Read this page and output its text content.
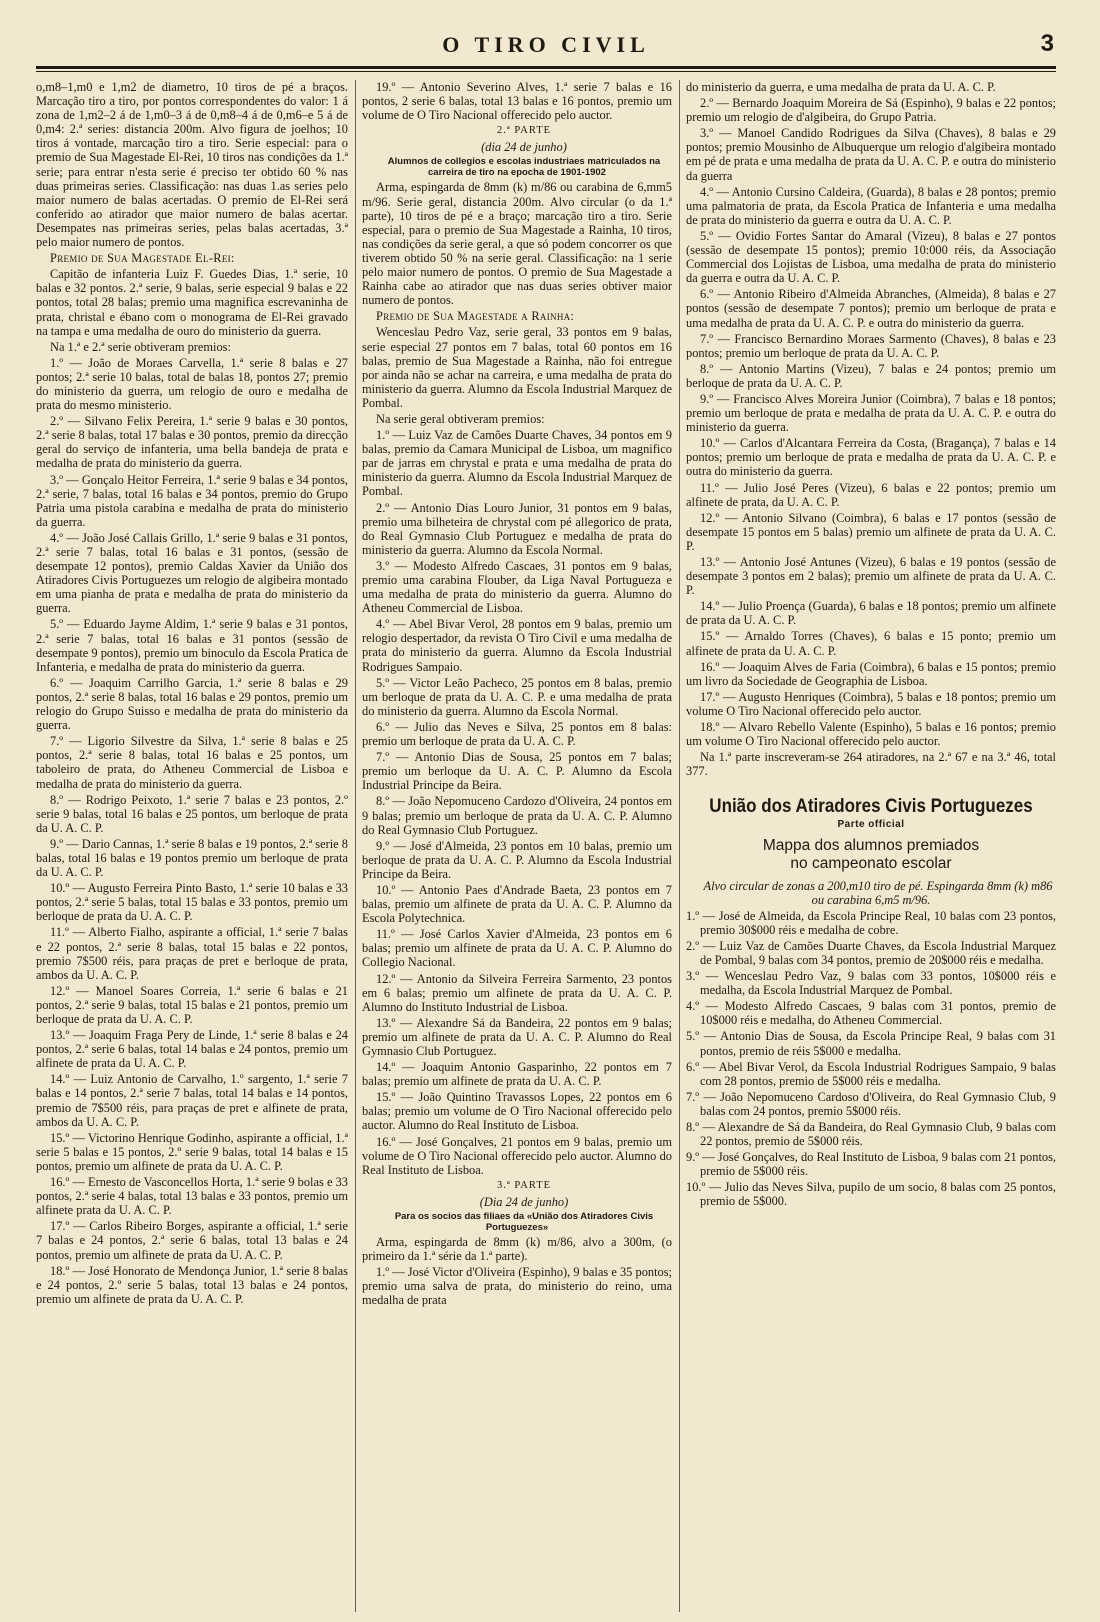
O TIRO CIVIL	3

o,m8–1,m0 e 1,m2 de diametro, 10 tiros de pé a braços. Marcação tiro a tiro, por pontos correspondentes do valor: 1 á zona de 1,m2–2 á de 1,m0–3 á de 0,m8–4 á de 0,m6–e 5 á de 0,m4: 2.ª series: distancia 200m. Alvo figura de joelhos; 10 tiros á vontade, marcação tiro a tiro. Serie especial: para o premio de Sua Magestade El-Rei, 10 tiros nas condições da 1.ª serie; para entrar n'esta serie é preciso ter obtido 60 % nas duas primeiras series. Classificação: nas duas 1.as series pelo maior numero de balas acertadas. O premio de El-Rei será conferido ao atirador que maior numero de balas acertar. Desempates nas primeiras series, pelas balas acertadas, 3.ª pelo maior numero de pontos.

Premio de Sua Magestade El-Rei:

Capitão de infanteria Luiz F. Guedes Dias, 1.ª serie, 10 balas e 32 pontos. 2.ª serie, 9 balas, serie especial 9 balas e 22 pontos, total 28 balas; premio uma magnifica escrevaninha de prata, christal e ébano com o monograma de El-Rei gravado na tampa e uma medalha de ouro do ministerio da guerra.

Na 1.ª e 2.ª serie obtiveram premios:

1.º — João de Moraes Carvella, 1.ª serie 8 balas e 27 pontos; 2.ª serie 10 balas, total de balas 18, pontos 27; premio do ministerio da guerra, um relogio de ouro e medalha de prata do mesmo ministerio.

2.º — Silvano Felix Pereira, 1.ª serie 9 balas e 30 pontos, 2.ª serie 8 balas, total 17 balas e 30 pontos, premio da direcção geral do serviço de infanteria, uma bella bandeja de prata e medalha de prata do ministerio da guerra.

3.º — Gonçalo Heitor Ferreira, 1.ª serie 9 balas e 34 pontos, 2.ª serie, 7 balas, total 16 balas e 34 pontos, premio do Grupo Patria uma pistola carabina e medalha de prata do ministerio da guerra.

4.º — João José Callais Grillo, 1.ª serie 9 balas e 31 pontos, 2.ª serie 7 balas, total 16 balas e 31 pontos, (sessão de desempate 12 pontos), premio Caldas Xavier da União dos Atiradores Civis Portuguezes um relogio de algibeira montado em uma pianha de prata e medalha de prata do ministerio da guerra.

5.º — Eduardo Jayme Aldim, 1.ª serie 9 balas e 31 pontos, 2.ª serie 7 balas, total 16 balas e 31 pontos (sessão de desempate 9 pontos), premio um binoculo da Escola Pratica de Infanteria, e medalha de prata do ministerio da guerra.

6.º — Joaquim Carrilho Garcia, 1.ª serie 8 balas e 29 pontos, 2.ª serie 8 balas, total 16 balas e 29 pontos, premio um relogio do Grupo Suisso e medalha de prata do ministerio da guerra.

7.º — Ligorio Silvestre da Silva, 1.ª serie 8 balas e 25 pontos, 2.ª serie 8 balas, total 16 balas e 25 pontos, um taboleiro de prata, do Atheneu Commercial de Lisboa e medalha de prata do ministerio da guerra.

8.º — Rodrigo Peixoto, 1.ª serie 7 balas e 23 pontos, 2.º serie 9 balas, total 16 balas e 25 pontos, um berloque de prata da U. A. C. P.

9.º — Dario Cannas, 1.ª serie 8 balas e 19 pontos, 2.ª serie 8 balas, total 16 balas e 19 pontos premio um berloque de prata da U. A. C. P.

10.º — Augusto Ferreira Pinto Basto, 1.ª serie 10 balas e 33 pontos, 2.ª serie 5 balas, total 15 balas e 33 pontos, premio um berloque de prata da U. A. C. P.

11.º — Alberto Fialho, aspirante a official, 1.ª serie 7 balas e 22 pontos, 2.ª serie 8 balas, total 15 balas e 22 pontos, premio 7$500 réis, para praças de pret e berloque de prata, ambos da U. A. C. P.

12.º — Manoel Soares Correia, 1.ª serie 6 balas e 21 pontos, 2.ª serie 9 balas, total 15 balas e 21 pontos, premio um berloque de prata da U. A. C. P.

13.º — Joaquim Fraga Pery de Linde, 1.ª serie 8 balas e 24 pontos, 2.ª serie 6 balas, total 14 balas e 24 pontos, premio um alfinete de prata da U. A. C. P.

14.º — Luiz Antonio de Carvalho, 1.º sargento, 1.ª serie 7 balas e 14 pontos, 2.ª serie 7 balas, total 14 balas e 14 pontos, premio de 7$500 réis, para praças de pret e alfinete de prata, ambos da U. A. C. P.

15.º — Victorino Henrique Godinho, aspirante a official, 1.ª serie 5 balas e 15 pontos, 2.º serie 9 balas, total 14 balas e 15 pontos, premio um alfinete de prata da U. A. C. P.

16.º — Ernesto de Vasconcellos Horta, 1.ª serie 9 bolas e 33 pontos, 2.ª serie 4 balas, total 13 balas e 33 pontos, premio um alfinete prata da U. A. C. P.

17.º — Carlos Ribeiro Borges, aspirante a official, 1.ª serie 7 balas e 24 pontos, 2.ª serie 6 balas, total 13 balas e 24 pontos, premio um alfinete de prata da U. A. C. P.

18.º — José Honorato de Mendonça Junior, 1.ª serie 8 balas e 24 pontos, 2.º serie 5 balas, total 13 balas e 24 pontos, premio um alfinete de prata da U. A. C. P.

19.º — Antonio Severino Alves, 1.ª serie 7 balas e 16 pontos, 2 serie 6 balas, total 13 balas e 16 pontos, premio um volume de O Tiro Nacional offerecido pelo auctor.

2.ª PARTE

(dia 24 de junho)

Alumnos de collegios e escolas industriaes matriculados na carreira de tiro na epocha de 1901-1902

Arma, espingarda de 8mm (k) m/86 ou carabina de 6,mm5 m/96. Serie geral, distancia 200m. Alvo circular (o da 1.ª parte), 10 tiros de pé e a braço; marcação tiro a tiro. Serie especial, para o premio de Sua Magestade a Rainha, 10 tiros, nas condições da serie geral, a que só podem concorrer os que tiverem obtido 50 % na serie geral. Classificação: na 1 serie pelo maior numero de pontos. O premio de Sua Magestade a Rainha cabe ao atirador que nas duas series obtiver maior numero de pontos.

Premio de Sua Magestade a Rainha:

Wenceslau Pedro Vaz, serie geral, 33 pontos em 9 balas, serie especial 27 pontos em 7 balas, total 60 pontos em 16 balas, premio de Sua Magestade a Rainha, não foi entregue por ainda não se achar na carreira, e uma medalha de prata do ministerio da guerra. Alumno da Escola Industrial Marquez de Pombal.

Na serie geral obtiveram premios:

1.º — Luiz Vaz de Camões Duarte Chaves, 34 pontos em 9 balas, premio da Camara Municipal de Lisboa, um magnifico par de jarras em chrystal e prata e uma medalha de prata do ministerio da guerra. Alumno da Escola Industrial Marquez de Pombal.

2.º — Antonio Dias Louro Junior, 31 pontos em 9 balas, premio uma bilheteira de chrystal com pé allegorico de prata, do Real Gymnasio Club Portuguez e medalha de prata do ministerio da guerra. Alumno da Escola Normal.

3.º — Modesto Alfredo Cascaes, 31 pontos em 9 balas, premio uma carabina Flouber, da Liga Naval Portugueza e uma medalha de prata do ministerio da guerra. Alumno do Atheneu Commercial de Lisboa.

4.º — Abel Bivar Verol, 28 pontos em 9 balas, premio um relogio despertador, da revista O Tiro Civil e uma medalha de prata do ministerio da guerra. Alumno da Escola Industrial Rodrigues Sampaio.

5.º — Victor Leão Pacheco, 25 pontos em 8 balas, premio um berloque de prata da U. A. C. P. e uma medalha de prata do ministerio da guerra. Alumno da Escola Normal.

6.º — Julio das Neves e Silva, 25 pontos em 8 balas: premio um berloque de prata da U. A. C. P.

7.º — Antonio Dias de Sousa, 25 pontos em 7 balas; premio um berloque da U. A. C. P. Alumno da Escola Industrial Principe da Beira.

8.º — João Nepomuceno Cardozo d'Oliveira, 24 pontos em 9 balas; premio um berloque de prata da U. A. C. P. Alumno do Real Gymnasio Club Portuguez.

9.º — José d'Almeida, 23 pontos em 10 balas, premio um berloque de prata da U. A. C. P. Alumno da Escola Industrial Principe da Beira.

10.º — Antonio Paes d'Andrade Baeta, 23 pontos em 7 balas, premio um alfinete de prata da U. A. C. P. Alumno da Escola Polytechnica.

11.º — José Carlos Xavier d'Almeida, 23 pontos em 6 balas; premio um alfinete de prata da U. A. C. P. Alumno do Collegio Nacional.

12.º — Antonio da Silveira Ferreira Sarmento, 23 pontos em 6 balas; premio um alfinete de prata da U. A. C. P. Alumno do Instituto Industrial de Lisboa.

13.º — Alexandre Sá da Bandeira, 22 pontos em 9 balas; premio um alfinete de prata da U. A. C. P. Alumno do Real Gymnasio Club Portuguez.

14.º — Joaquim Antonio Gasparinho, 22 pontos em 7 balas; premio um alfinete de prata da U. A. C. P.

15.º — João Quintino Travassos Lopes, 22 pontos em 6 balas; premio um volume de O Tiro Nacional offerecido pelo auctor. Alumno do Real Instituto de Lisboa.

16.º — José Gonçalves, 21 pontos em 9 balas, premio um volume de O Tiro Nacional offerecido pelo auctor. Alumno do Real Instituto de Lisboa.

3.ª PARTE

(Dia 24 de junho)

Para os socios das filiaes da «União dos Atiradores Civis Portuguezes»

Arma, espingarda de 8mm (k) m/86, alvo a 300m, (o primeiro da 1.ª série da 1.ª parte).

1.º — José Victor d'Oliveira (Espinho), 9 balas e 35 pontos; premio uma salva de prata, do ministerio do reino, uma medalha de prata

do ministerio da guerra, e uma medalha de prata da U. A. C. P.

2.º — Bernardo Joaquim Moreira de Sá (Espinho), 9 balas e 22 pontos; premio um relogio de d'algibeira, do Grupo Patria.

3.º — Manoel Candido Rodrigues da Silva (Chaves), 8 balas e 29 pontos; premio Mousinho de Albuquerque um relogio d'algibeira montado em pé de prata e uma medalha de prata da U. A. C. P. e outra do ministerio da guerra

4.º — Antonio Cursino Caldeira, (Guarda), 8 balas e 28 pontos; premio uma palmatoria de prata, da Escola Pratica de Infanteria e uma medalha de prata do ministerio da guerra e outra da U. A. C. P.

5.º — Ovidio Fortes Santar do Amaral (Vizeu), 8 balas e 27 pontos (sessão de desempate 15 pontos); premio 10:000 réis, da Associação Commercial dos Lojistas de Lisboa, uma medalha de prata do ministerio da guerra e outra da U. A. C. P.

6.º — Antonio Ribeiro d'Almeida Abranches, (Almeida), 8 balas e 27 pontos (sessão de desempate 7 pontos); premio um berloque de prata e uma medalha de prata da U. A. C. P. e outra do ministerio da guerra.

7.º — Francisco Bernardino Moraes Sarmento (Chaves), 8 balas e 23 pontos; premio um berloque de prata da U. A. C. P.

8.º — Antonio Martins (Vizeu), 7 balas e 24 pontos; premio um berloque de prata da U. A. C. P.

9.º — Francisco Alves Moreira Junior (Coimbra), 7 balas e 18 pontos; premio um berloque de prata e medalha de prata da U. A. C. P. e outra do ministerio da guerra.

10.º — Carlos d'Alcantara Ferreira da Costa, (Bragança), 7 balas e 14 pontos; premio um berloque de prata e medalha de prata da U. A. C. P. e outra do ministerio da guerra.

11.º — Julio José Peres (Vizeu), 6 balas e 22 pontos; premio um alfinete de prata, da U. A. C. P.

12.º — Antonio Silvano (Coimbra), 6 balas e 17 pontos (sessão de desempate 15 pontos em 5 balas) premio um alfinete de prata da U. A. C. P.

13.º — Antonio José Antunes (Vizeu), 6 balas e 19 pontos (sessão de desempate 3 pontos em 2 balas); premio um alfinete de prata da U. A. C. P.

14.º — Julio Proença (Guarda), 6 balas e 18 pontos; premio um alfinete de prata da U. A. C. P.

15.º — Arnaldo Torres (Chaves), 6 balas e 15 ponto; premio um alfinete de prata da U. A. C. P.

16.º — Joaquim Alves de Faria (Coimbra), 6 balas e 15 pontos; premio um livro da Sociedade de Geographia de Lisboa.

17.º — Augusto Henriques (Coimbra), 5 balas e 18 pontos; premio um volume O Tiro Nacional offerecido pelo auctor.

18.º — Alvaro Rebello Valente (Espinho), 5 balas e 16 pontos; premio um volume O Tiro Nacional offerecido pelo auctor.

Na 1.ª parte inscreveram-se 264 atiradores, na 2.ª 67 e na 3.ª 46, total 377.

União dos Atiradores Civis Portuguezes
Parte official
Mappa dos alumnos premiados
no campeonato escolar

Alvo circular de zonas a 200,m10 tiro de pé. Espingardа 8mm (k) m86 ou carabina 6,m5 m/96.

1.º — José de Almeida, da Escola Principe Real, 10 balas com 23 pontos, premio 30$000 réis e medalha de cobre.

2.º — Luiz Vaz de Camões Duarte Chaves, da Escola Industrial Marquez de Pombal, 9 balas com 34 pontos, premio de 20$000 réis e medalha.

3.º — Wenceslau Pedro Vaz, 9 balas com 33 pontos, 10$000 réis e medalha, da Escola Industrial Marquez de Pombal.

4.º — Modesto Alfredo Cascaes, 9 balas com 31 pontos, premio de 10$000 réis e medalha, do Atheneu Commercial.

5.º — Antonio Dias de Sousa, da Escola Principe Real, 9 balas com 31 pontos, premio de réis 5$000 e medalha.

6.º — Abel Bivar Verol, da Escola Industrial Rodrigues Sampaio, 9 balas com 28 pontos, premio de 5$000 réis e medalha.

7.º — João Nepomuceno Cardoso d'Oliveira, do Real Gymnasio Club, 9 balas com 24 pontos, premio 5$000 réis.

8.º — Alexandre de Sá da Bandeira, do Real Gymnasio Club, 9 balas com 22 pontos, premio de 5$000 réis.

9.º — José Gonçalves, do Real Instituto de Lisboa, 9 balas com 21 pontos, premio de 5$000 réis.

10.º — Julio das Neves Silva, pupilo de um socio, 8 balas com 25 pontos, premio de 5$000.
